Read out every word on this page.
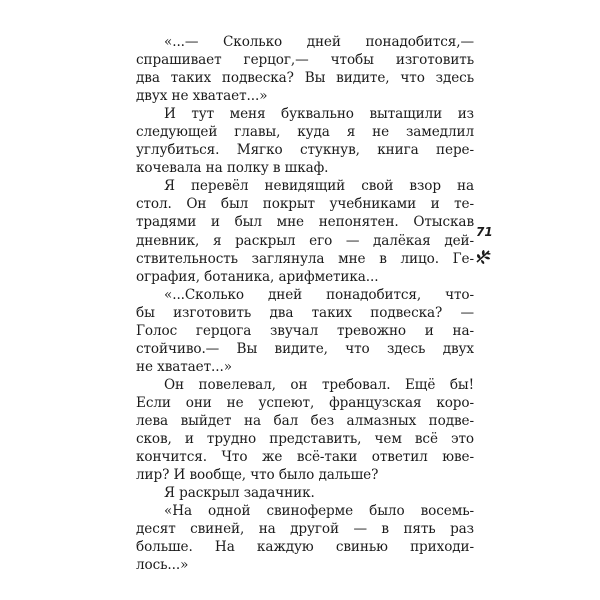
«...— Сколько дней понадобится,—
спрашивает герцог,— чтобы изготовить
два таких подвеска? Вы видите, что здесь
двух не хватает...»
И тут меня буквально вытащили из
следующей главы, куда я не замедлил
углубиться. Мягко стукнув, книга пере-
кочевала на полку в шкаф.
Я перевёл невидящий свой взор на
стол. Он был покрыт учебниками и те-
традями и был мне непонятен. Отыскав
дневник, я раскрыл его — далёкая дей-
ствительность заглянула мне в лицо. Ге-
ография, ботаника, арифметика...
«...Сколько дней понадобится, что-
бы изготовить два таких подвеска? —
Голос герцога звучал тревожно и на-
стойчиво.— Вы видите, что здесь двух
не хватает...»
Он повелевал, он требовал. Ещё бы!
Если они не успеют, французская коро-
лева выйдет на бал без алмазных подве-
сков, и трудно представить, чем всё это
кончится. Что же всё-таки ответил юве-
лир? И вообще, что было дальше?
Я раскрыл задачник.
«На одной свиноферме было восемь-
десят свиней, на другой — в пять раз
больше. На каждую свинью приходи-
лось...»
71
